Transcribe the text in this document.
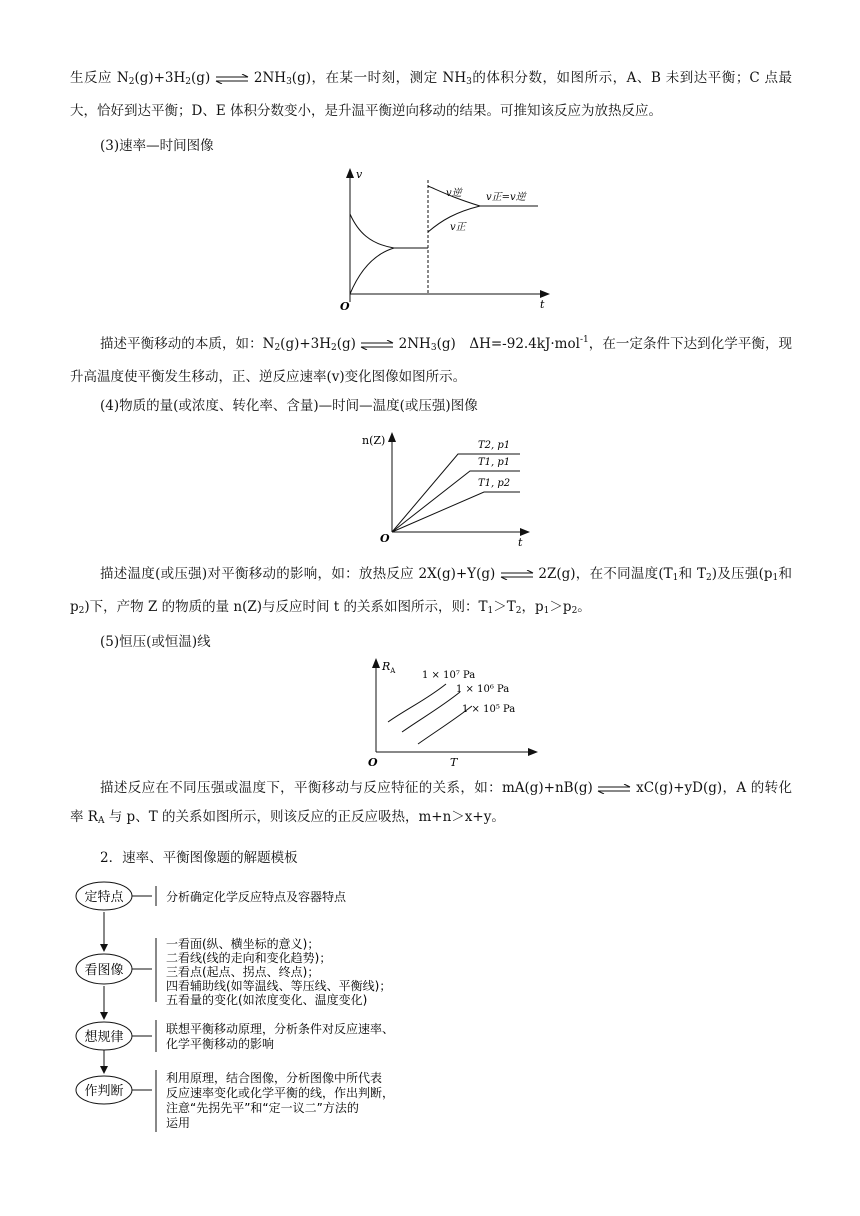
生反应 $N_2(g)+3H_2(g)$	$2NH_3(g)$，在某一时刻，测定 $NH_3$的体积分数，如图所示，A、B 未到达平衡；C 点最大，恰好到达平衡；D、E 体积分数变小，是升温平衡逆向移动的结果。可推知该反应为放热反应。
(3)速率—时间图像
v
t
O
v逆
v正
v正=v逆
描述平衡移动的本质，如：$N_2(g)+3H_2(g)$	$2NH_3(g)$　ΔH=-92.4kJ·mol$^{-1}$，在一定条件下达到化学平衡，现升高温度使平衡发生移动，正、逆反应速率(v)变化图像如图所示。
(4)物质的量(或浓度、转化率、含量)—时间—温度(或压强)图像
n(Z)
t
O
T2, p1
T1, p1
T1, p2
描述温度(或压强)对平衡移动的影响，如：放热反应 2X(g)+Y(g)	2Z(g)，在不同温度($T_1$和 $T_2$)及压强($p_1$和 $p_2$)下，产物 Z 的物质的量 n(Z)与反应时间 t 的关系如图所示，则：$T_1>T_2$，$p_1>p_2$。
(5)恒压(或恒温)线
$R_A$
T
O
1 × 10⁷ Pa
1 × 10⁶ Pa
1 × 10⁵ Pa
描述反应在不同压强或温度下，平衡移动与反应特征的关系，如：mA(g)+nB(g)	xC(g)+yD(g)，A 的转化率 $R_A$ 与 p、T 的关系如图所示，则该反应的正反应吸热，m+n＞x+y。
2．速率、平衡图像题的解题模板
定特点	分析确定化学反应特点及容器特点
看图像
一看面(纵、横坐标的意义)；
二看线(线的走向和变化趋势)；
三看点(起点、拐点、终点)；
四看辅助线(如等温线、等压线、平衡线)；
五看量的变化(如浓度变化、温度变化)
想规律
联想平衡移动原理，分析条件对反应速率、
化学平衡移动的影响
作判断
利用原理，结合图像，分析图像中所代表
反应速率变化或化学平衡的线，作出判断，
注意“先拐先平”和“定一议二”方法的
运用
